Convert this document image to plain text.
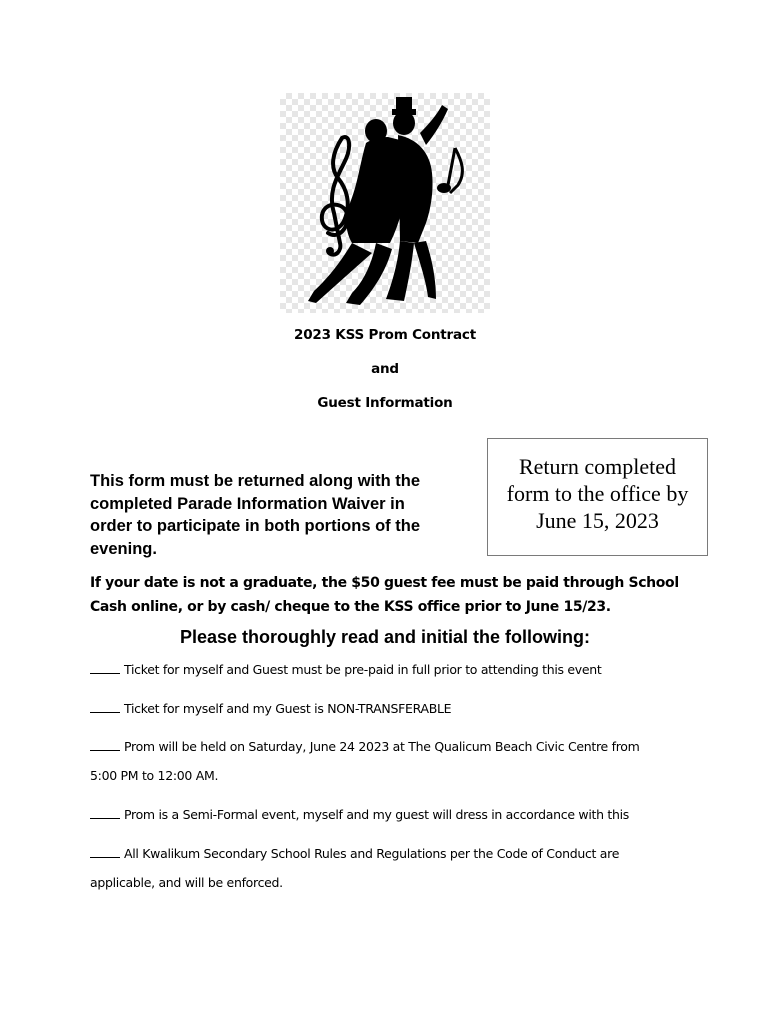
2023 KSS Prom Contract
and
Guest Information
Return completed
form to the office by
June 15, 2023
This form must be returned along with the
completed Parade Information Waiver in
order to participate in both portions of the
evening.
If your date is not a graduate, the $50 guest fee must be paid through School
Cash online, or by cash/ cheque to the KSS office prior to June 15/23.
Please thoroughly read and initial the following:
Ticket for myself and Guest must be pre-paid in full prior to attending this event
Ticket for myself and my Guest is NON-TRANSFERABLE
Prom will be held on Saturday, June 24 2023 at The Qualicum Beach Civic Centre from
5:00 PM to 12:00 AM.
Prom is a Semi-Formal event, myself and my guest will dress in accordance with this
All Kwalikum Secondary School Rules and Regulations per the Code of Conduct are
applicable, and will be enforced.
